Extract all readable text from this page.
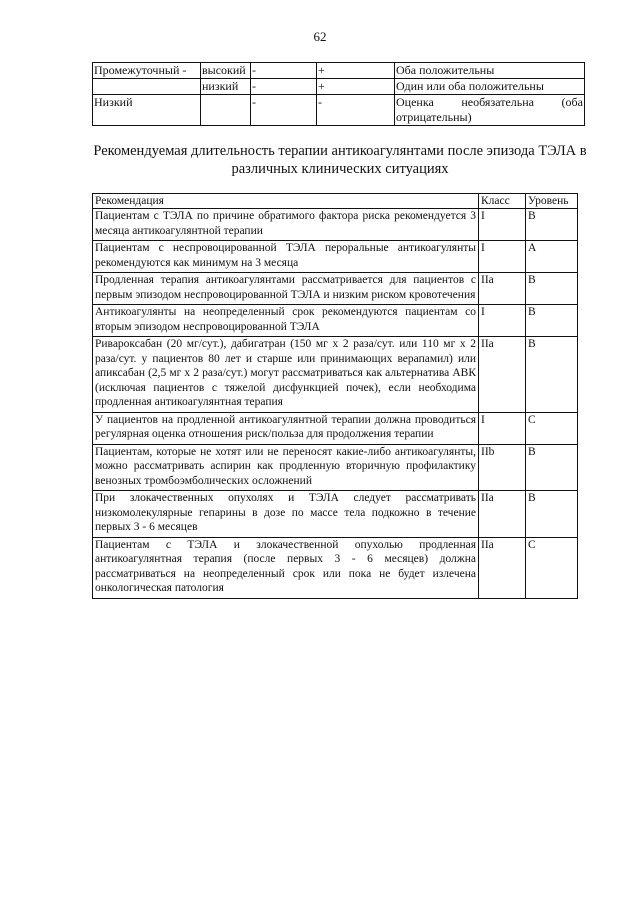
62
Промежуточный -	высокий	-	+	Оба положительны
	низкий	-	+	Один или оба положительны
Низкий		-	-	Оценка необязательна (оба отрицательны)
Рекомендуемая длительность терапии антикоагулянтами после эпизода ТЭЛА в различных клинических ситуациях
Рекомендация	Класс	Уровень
Пациентам с ТЭЛА по причине обратимого фактора риска рекомендуется 3 месяца антикоагулянтной терапии	I	B
Пациентам с неспровоцированной ТЭЛА пероральные антикоагулянты рекомендуются как минимум на 3 месяца	I	A
Продленная терапия антикоагулянтами рассматривается для пациентов с первым эпизодом неспровоцированной ТЭЛА и низким риском кровотечения	IIa	B
Антикоагулянты на неопределенный срок рекомендуются пациентам со вторым эпизодом неспровоцированной ТЭЛА	I	B
Ривароксабан (20 мг/сут.), дабигатран (150 мг х 2 раза/сут. или 110 мг х 2 раза/сут. у пациентов 80 лет и старше или принимающих верапамил) или апиксабан (2,5 мг х 2 раза/сут.) могут рассматриваться как альтернатива АВК (исключая пациентов с тяжелой дисфункцией почек), если необходима продленная антикоагулянтная терапия	IIa	B
У пациентов на продленной антикоагулянтной терапии должна проводиться регулярная оценка отношения риск/польза для продолжения терапии	I	C
Пациентам, которые не хотят или не переносят какие-либо антикоагулянты, можно рассматривать аспирин как продленную вторичную профилактику венозных тромбоэмболических осложнений	IIb	B
При злокачественных опухолях и ТЭЛА следует рассматривать низкомолекулярные гепарины в дозе по массе тела подкожно в течение первых 3 - 6 месяцев	IIa	B
Пациентам с ТЭЛА и злокачественной опухолью продленная антикоагулянтная терапия (после первых 3 - 6 месяцев) должна рассматриваться на неопределенный срок или пока не будет излечена онкологическая патология	IIa	C
